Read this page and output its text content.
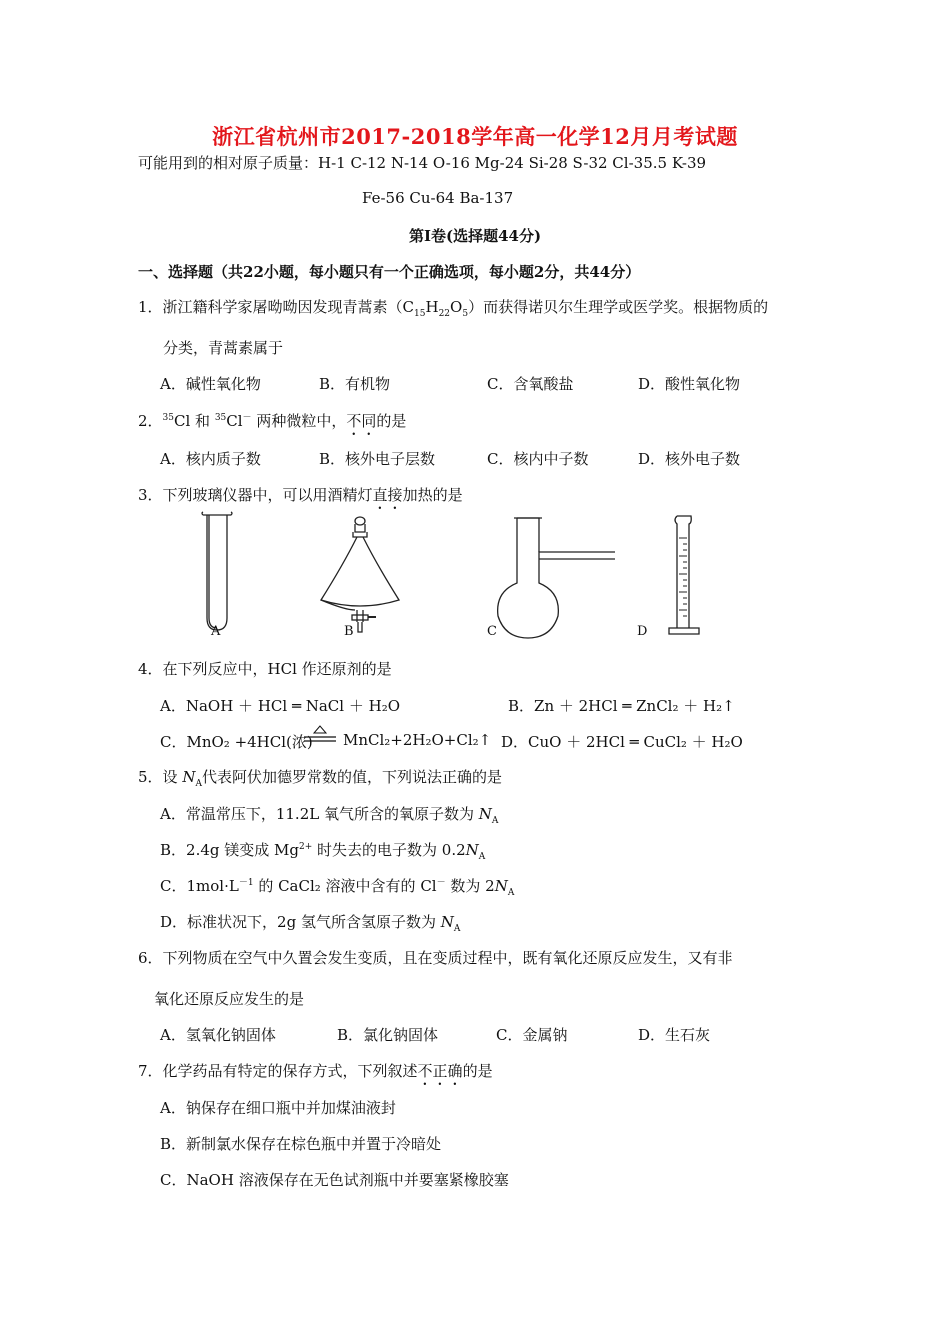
浙江省杭州市2017-2018学年高一化学12月月考试题
可能用到的相对原子质量：H-1 C-12 N-14 O-16 Mg-24 Si-28 S-32 Cl-35.5 K-39
Fe-56 Cu-64 Ba-137
第Ⅰ卷(选择题44分)
一、选择题（共22小题，每小题只有一个正确选项，每小题2分，共44分）
1．浙江籍科学家屠呦呦因发现青蒿素$(C_{15}H_{22}O_5)$而获得诺贝尔生理学或医学奖。根据物质的
分类，青蒿素属于
A．碱性氧化物	B．有机物	C．含氧酸盐	D．酸性氧化物
2．$^{35}$Cl 和 $^{35}$Cl－ 两种微粒中，不同的是
A．核内质子数	B．核外电子层数	C．核内中子数	D．核外电子数
3．下列玻璃仪器中，可以用酒精灯直接加热的是
A	B	C	D
4．在下列反应中，HCl 作还原剂的是
A．NaOH ＋ HCl ═ NaCl ＋ H₂O	B．Zn ＋ 2HCl ═ ZnCl₂ ＋ H₂↑
C．MnO₂ +4HCl(浓) MnCl₂+2H₂O+Cl₂↑ D．CuO ＋ 2HCl ═ CuCl₂ ＋ H₂O
5．设 $N_A$代表阿伏加德罗常数的值，下列说法正确的是
A．常温常压下，11.2L 氧气所含的氧原子数为 $N_A$
B．2.4g 镁变成 $Mg^{2+}$ 时失去的电子数为 $0.2N_A$
C．$1mol\cdot L^{-1}$ 的 CaCl₂ 溶液中含有的 Cl－ 数为 $2N_A$
D．标准状况下，2g 氢气所含氢原子数为 $N_A$
6．下列物质在空气中久置会发生变质，且在变质过程中，既有氧化还原反应发生，又有非
氧化还原反应发生的是
A．氢氧化钠固体	B．氯化钠固体	C．金属钠	D．生石灰
7．化学药品有特定的保存方式，下列叙述不正确的是
A．钠保存在细口瓶中并加煤油液封
B．新制氯水保存在棕色瓶中并置于冷暗处
C．NaOH 溶液保存在无色试剂瓶中并要塞紧橡胶塞
